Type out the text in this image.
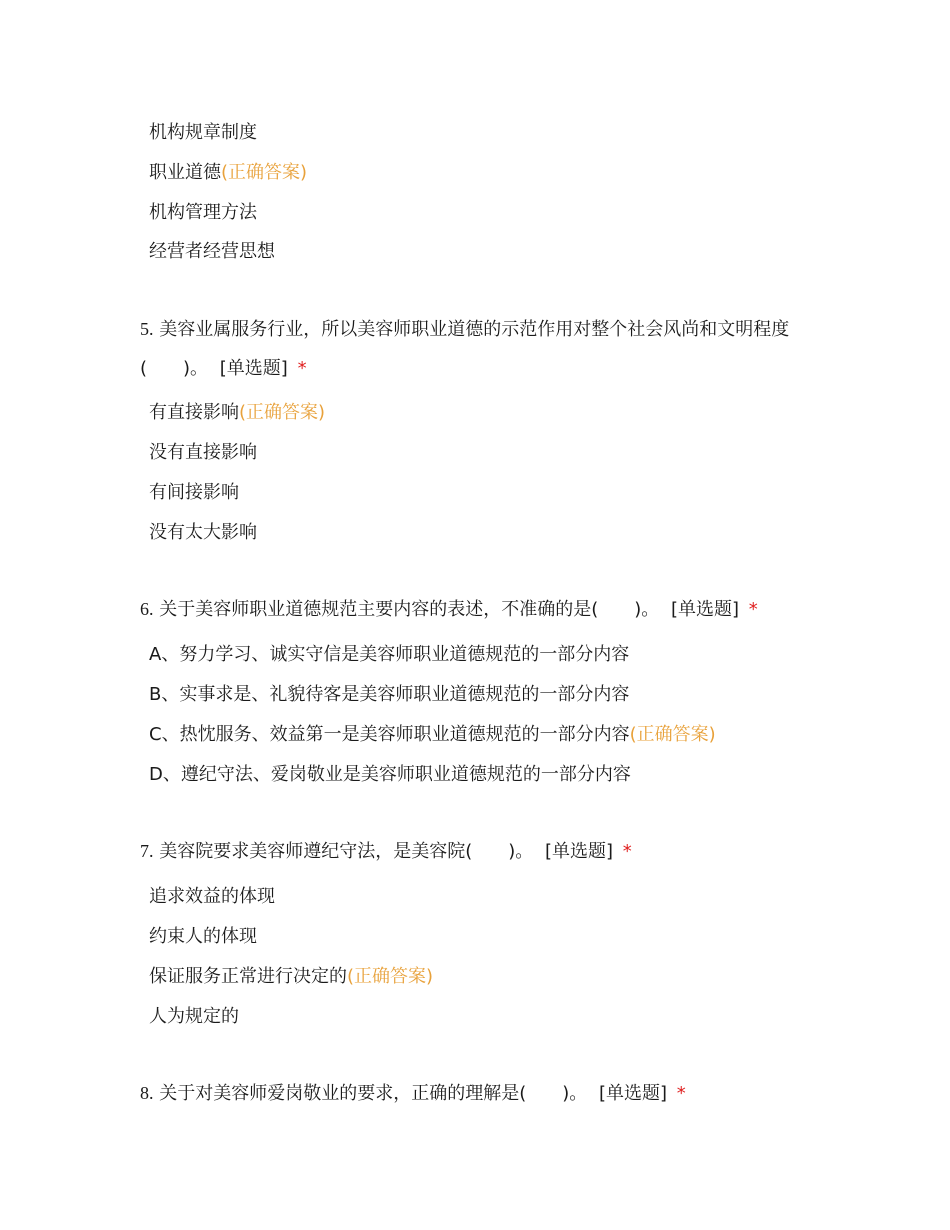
机构规章制度
职业道德(正确答案)
机构管理方法
经营者经营思想
5. 美容业属服务行业，所以美容师职业道德的示范作用对整个社会风尚和文明程度(　　)。 [单选题] *
有直接影响(正确答案)
没有直接影响
有间接影响
没有太大影响
6. 关于美容师职业道德规范主要内容的表述，不准确的是(　　)。 [单选题] *
A、努力学习、诚实守信是美容师职业道德规范的一部分内容
B、实事求是、礼貌待客是美容师职业道德规范的一部分内容
C、热忱服务、效益第一是美容师职业道德规范的一部分内容(正确答案)
D、遵纪守法、爱岗敬业是美容师职业道德规范的一部分内容
7. 美容院要求美容师遵纪守法，是美容院(　　)。 [单选题] *
追求效益的体现
约束人的体现
保证服务正常进行决定的(正确答案)
人为规定的
8. 关于对美容师爱岗敬业的要求，正确的理解是(　　)。 [单选题] *
